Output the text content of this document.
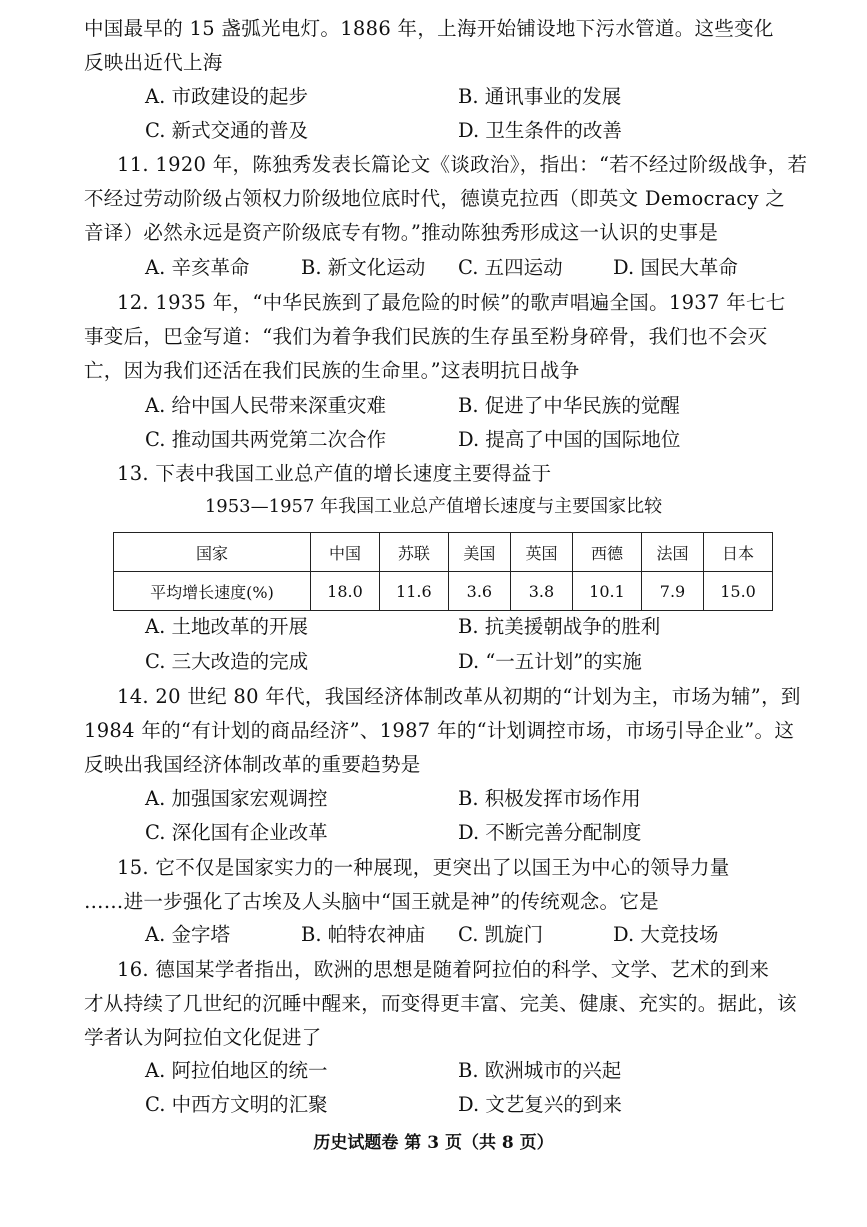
中国最早的 15 盏弧光电灯。1886 年，上海开始铺设地下污水管道。这些变化
反映出近代上海
A. 市政建设的起步	B. 通讯事业的发展
C. 新式交通的普及	D. 卫生条件的改善
11. 1920 年，陈独秀发表长篇论文《谈政治》，指出：“若不经过阶级战争，若
不经过劳动阶级占领权力阶级地位底时代，德谟克拉西（即英文 Democracy 之
音译）必然永远是资产阶级底专有物。”推动陈独秀形成这一认识的史事是
A. 辛亥革命	B. 新文化运动 C. 五四运动	D. 国民大革命
12. 1935 年，“中华民族到了最危险的时候”的歌声唱遍全国。1937 年七七
事变后，巴金写道：“我们为着争我们民族的生存虽至粉身碎骨，我们也不会灭
亡，因为我们还活在我们民族的生命里。”这表明抗日战争
A. 给中国人民带来深重灾难	B. 促进了中华民族的觉醒
C. 推动国共两党第二次合作	D. 提高了中国的国际地位
13. 下表中我国工业总产值的增长速度主要得益于
1953—1957 年我国工业总产值增长速度与主要国家比较
国家	中国	苏联	美国	英国	西德	法国	日本
平均增长速度(%)	18.0	11.6	3.6	3.8	10.1	7.9	15.0
A. 土地改革的开展	B. 抗美援朝战争的胜利
C. 三大改造的完成	D. “一五计划”的实施
14. 20 世纪 80 年代，我国经济体制改革从初期的“计划为主，市场为辅”，到
1984 年的“有计划的商品经济”、1987 年的“计划调控市场，市场引导企业”。这
反映出我国经济体制改革的重要趋势是
A. 加强国家宏观调控	B. 积极发挥市场作用
C. 深化国有企业改革	D. 不断完善分配制度
15. 它不仅是国家实力的一种展现，更突出了以国王为中心的领导力量
……进一步强化了古埃及人头脑中“国王就是神”的传统观念。它是
A. 金字塔	B. 帕特农神庙 C. 凯旋门	D. 大竞技场
16. 德国某学者指出，欧洲的思想是随着阿拉伯的科学、文学、艺术的到来
才从持续了几世纪的沉睡中醒来，而变得更丰富、完美、健康、充实的。据此，该
学者认为阿拉伯文化促进了
A. 阿拉伯地区的统一	B. 欧洲城市的兴起
C. 中西方文明的汇聚	D. 文艺复兴的到来
历史试题卷 第 3 页（共 8 页）
